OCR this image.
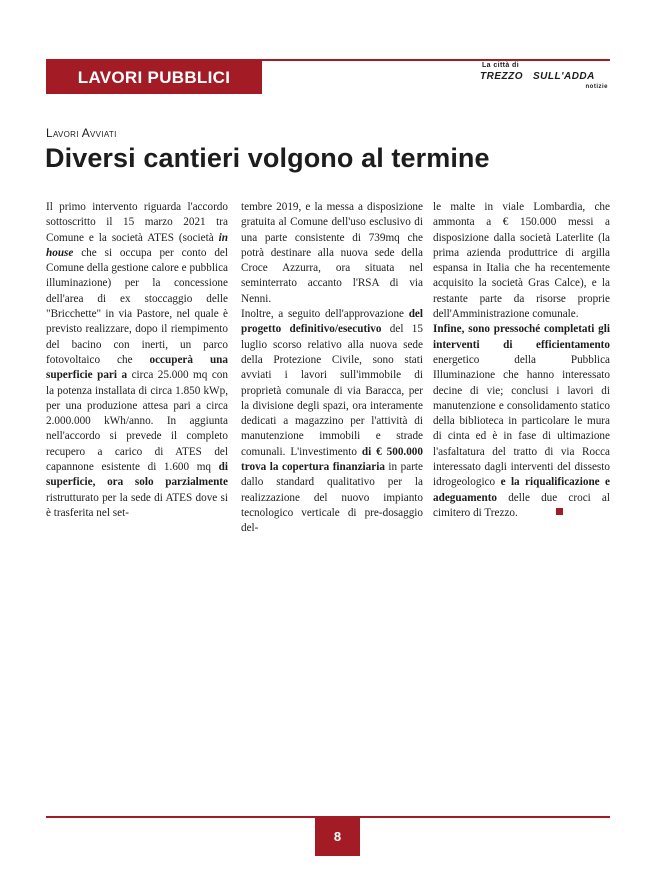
LAVORI PUBBLICI
La città di
TREZZO SULL'ADDA
notizie
Lavori Avviati
Diversi cantieri volgono al termine

Il primo intervento riguarda l'accordo sottoscritto il 15 marzo 2021 tra Comune e la società ATES (società in house che si occupa per conto del Comune della gestione calore e pubblica illuminazione) per la concessione dell'area di ex stoccaggio delle "Bricchette" in via Pastore, nel quale è previsto realizzare, dopo il riempimento del bacino con inerti, un parco fotovoltaico che occuperà una superficie pari a circa 25.000 mq con la potenza installata di circa 1.850 kWp, per una produzione attesa pari a circa 2.000.000 kWh/anno. In aggiunta nell'accordo si prevede il completo recupero a carico di ATES del capannone esistente di 1.600 mq di superficie, ora solo parzialmente ristrutturato per la sede di ATES dove si è trasferita nel set-

tembre 2019, e la messa a disposizione gratuita al Comune dell'uso esclusivo di una parte consistente di 739mq che potrà destinare alla nuova sede della Croce Azzurra, ora situata nel seminterrato accanto l'RSA di via Nenni.

Inoltre, a seguito dell'approvazione del progetto definitivo/esecutivo del 15 luglio scorso relativo alla nuova sede della Protezione Civile, sono stati avviati i lavori sull'immobile di proprietà comunale di via Baracca, per la divisione degli spazi, ora interamente dedicati a magazzino per l'attività di manutenzione immobili e strade comunali. L'investimento di € 500.000 trova la copertura finanziaria in parte dallo standard qualitativo per la realizzazione del nuovo impianto tecnologico verticale di pre-dosaggio del-

le malte in viale Lombardia, che ammonta a € 150.000 messi a disposizione dalla società Laterlite (la prima azienda produttrice di argilla espansa in Italia che ha recentemente acquisito la società Gras Calce), e la restante parte da risorse proprie dell'Amministrazione comunale.

Infine, sono pressoché completati gli interventi di efficientamento energetico della Pubblica Illuminazione che hanno interessato decine di vie; conclusi i lavori di manutenzione e consolidamento statico della biblioteca in particolare le mura di cinta ed è in fase di ultimazione l'asfaltatura del tratto di via Rocca interessato dagli interventi del dissesto idrogeologico e la riqualificazione e adeguamento delle due croci al cimitero di Trezzo.

8
